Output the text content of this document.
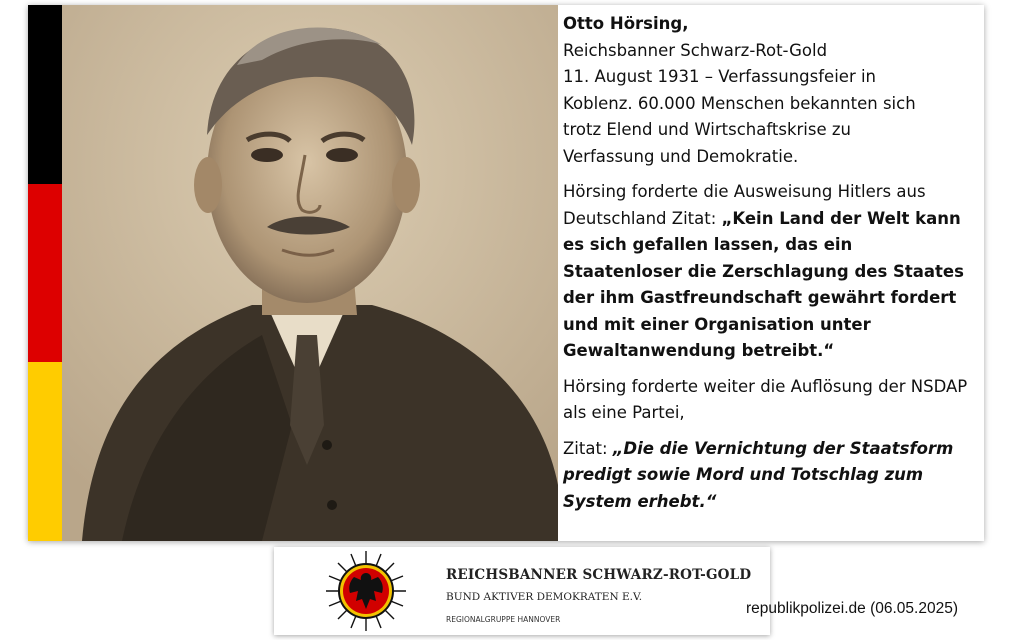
Otto Hörsing,
Reichsbanner Schwarz-Rot-Gold
11. August 1931 – Verfassungsfeier in
Koblenz. 60.000 Menschen bekannten sich
trotz Elend und Wirtschaftskrise zu
Verfassung und Demokratie.

Hörsing forderte die Ausweisung Hitlers aus Deutschland Zitat: „Kein Land der Welt kann es sich gefallen lassen, das ein Staatenloser die Zerschlagung des Staates der ihm Gastfreundschaft gewährt fordert und mit einer Organisation unter Gewaltanwendung betreibt.“

Hörsing forderte weiter die Auflösung der NSDAP als eine Partei,

Zitat: „Die die Vernichtung der Staatsform predigt sowie Mord und Totschlag zum System erhebt.“

REICHSBANNER SCHWARZ-ROT-GOLD
BUND AKTIVER DEMOKRATEN E.V.
REGIONALGRUPPE HANNOVER
republikpolizei.de (06.05.2025)
